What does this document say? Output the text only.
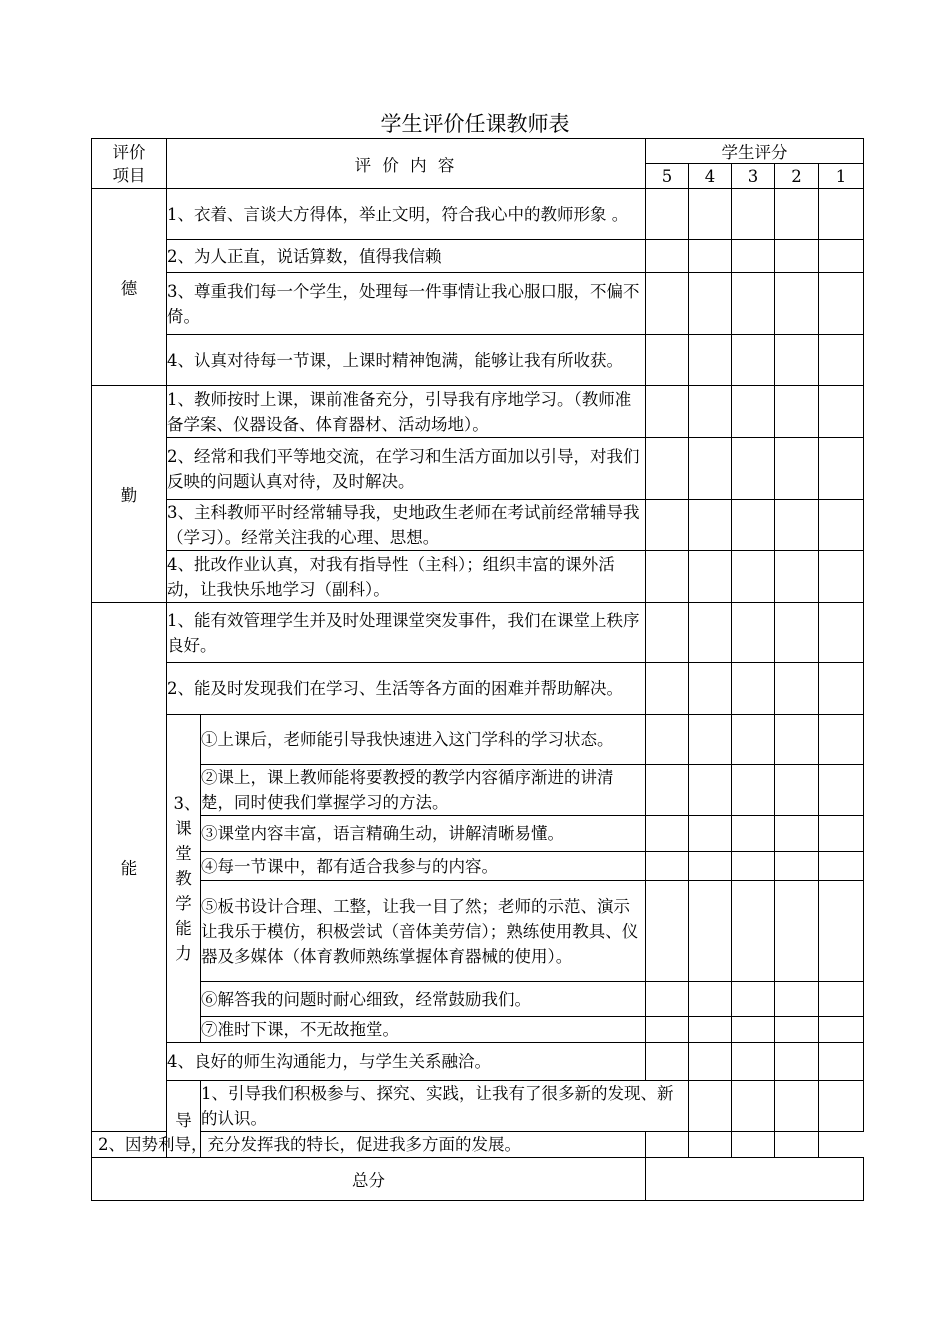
学生评价任课教师表
评价
项目	评 价 内 容		学生评分					
			5	4	3	2	1	
德	1、衣着、言谈大方得体，举止文明，符合我心中的教师形象 。							
	2、为人正直，说话算数，值得我信赖							
	3、尊重我们每一个学生，处理每一件事情让我心服口服，不偏不倚。							
	4、认真对待每一节课，上课时精神饱满，能够让我有所收获。							
勤	1、教师按时上课，课前准备充分，引导我有序地学习。（教师准备学案、仪器设备、体育器材、活动场地）。							
	2、经常和我们平等地交流，在学习和生活方面加以引导，对我们反映的问题认真对待，及时解决。							
	3、主科教师平时经常辅导我，史地政生老师在考试前经常辅导我（学习）。经常关注我的心理、思想。							
	4、批改作业认真，对我有指导性（主科）；组织丰富的课外活动，让我快乐地学习（副科）。							
能	1、能有效管理学生并及时处理课堂突发事件，我们在课堂上秩序良好。							
	2、能及时发现我们在学习、生活等各方面的困难并帮助解决。							
	3、课堂教学能力	①上课后，老师能引导我快速进入这门学科的学习状态。						
		②课上，课上教师能将要教授的教学内容循序渐进的讲清楚，同时使我们掌握学习的方法。						
		③课堂内容丰富，语言精确生动，讲解清晰易懂。						
		④每一节课中，都有适合我参与的内容。						
		⑤板书设计合理、工整，让我一目了然；老师的示范、演示让我乐于模仿，积极尝试（音体美劳信）；熟练使用教具、仪器及多媒体（体育教师熟练掌握体育器械的使用）。						
		⑥解答我的问题时耐心细致，经常鼓励我们。						
		⑦准时下课，不无故拖堂。						
	4、良好的师生沟通能力，与学生关系融洽。							
	导	1、引导我们积极参与、探究、实践，让我有了很多新的发现、新的认识。						
2、因势利导，充分发挥我的特长，促进我多方面的发展。								
总分								
